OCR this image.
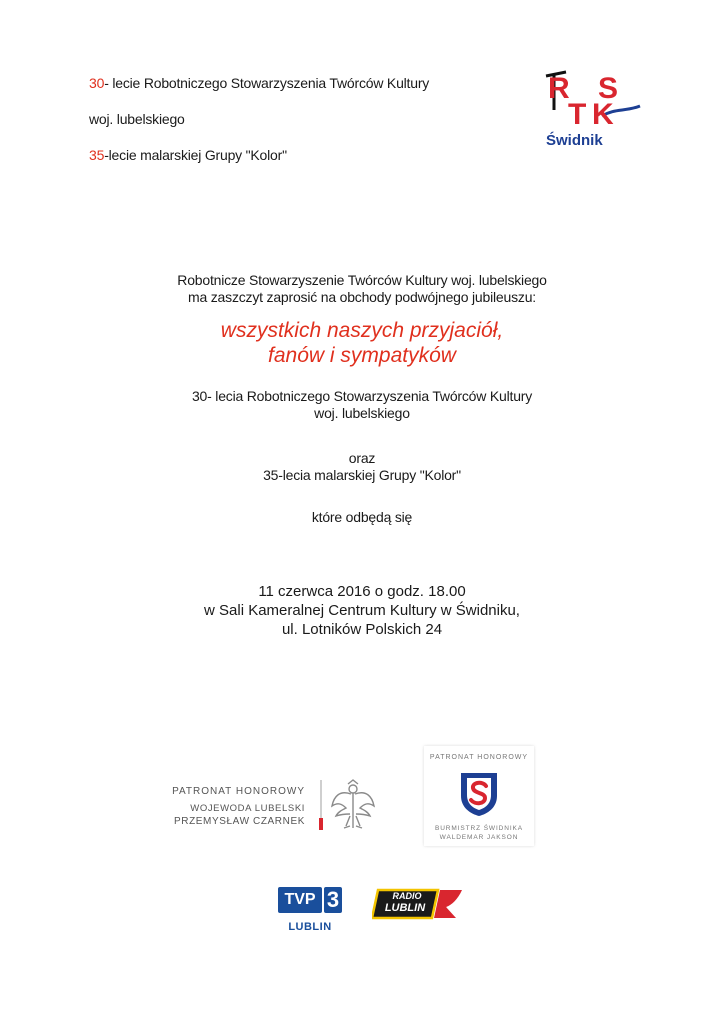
30- lecie Robotniczego Stowarzyszenia Twórców Kultury
woj. lubelskiego
35-lecie malarskiej Grupy "Kolor"
R S
T K
Świdnik
Robotnicze Stowarzyszenie Twórców Kultury woj. lubelskiego
ma zaszczyt zaprosić na obchody podwójnego jubileuszu:
wszystkich naszych przyjaciół,
fanów i sympatyków
30- lecia Robotniczego Stowarzyszenia Twórców Kultury
woj. lubelskiego
oraz
35-lecia malarskiej Grupy "Kolor"
które odbędą się
11 czerwca 2016 o godz. 18.00
w Sali Kameralnej Centrum Kultury w Świdniku,
ul. Lotników Polskich 24
PATRONAT HONOROWY
WOJEWODA LUBELSKI
PRZEMYSŁAW CZARNEK
PATRONAT HONOROWY
BURMISTRZ ŚWIDNIKA
WALDEMAR JAKSON
TVP 3
LUBLIN
RADIO
LUBLIN
